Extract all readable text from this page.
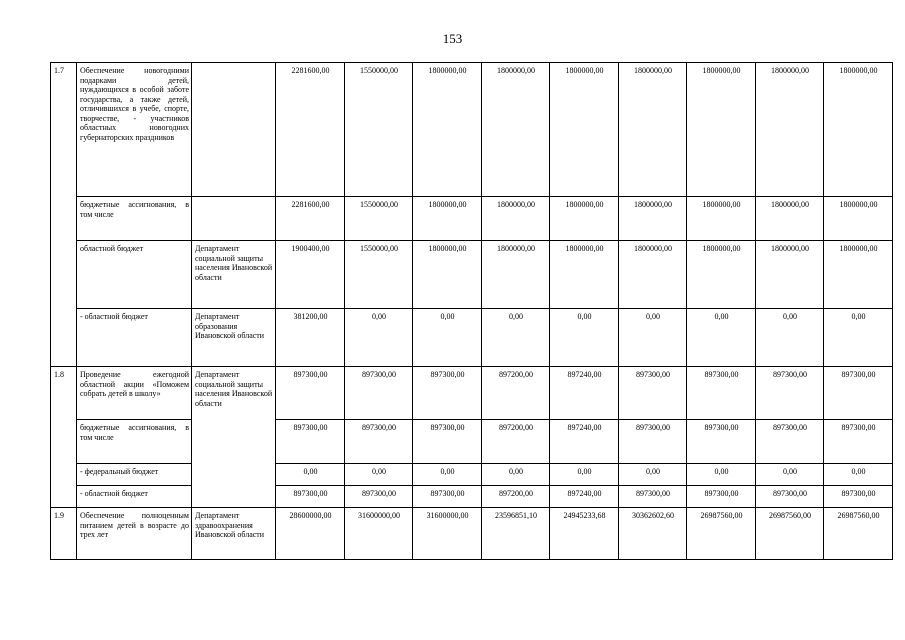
153
1.7	Обеспечение новогодними подарками детей, нуждающихся в особой заботе государства, а также детей, отличившихся в учебе, спорте, творчестве, - участников областных новогодних губернаторских праздников		2281600,00	1550000,00	1800000,00	1800000,00	1800000,00	1800000,00	1800000,00	1800000,00	1800000,00
	бюджетные ассигнования, в том числе		2281600,00	1550000,00	1800000,00	1800000,00	1800000,00	1800000,00	1800000,00	1800000,00	1800000,00
	областной бюджет	Департамент социальной защиты населения Ивановской области	1900400,00	1550000,00	1800000,00	1800000,00	1800000,00	1800000,00	1800000,00	1800000,00	1800000,00
	- областной бюджет	Департамент образования Ивановской области	381200,00	0,00	0,00	0,00	0,00	0,00	0,00	0,00	0,00
1.8	Проведение ежегодной областной акции «Поможем собрать детей в школу»	Департамент социальной защиты населения Ивановской области	897300,00	897300,00	897300,00	897200,00	897240,00	897300,00	897300,00	897300,00	897300,00
	бюджетные ассигнования, в том числе		897300,00	897300,00	897300,00	897200,00	897240,00	897300,00	897300,00	897300,00	897300,00
	- федеральный бюджет		0,00	0,00	0,00	0,00	0,00	0,00	0,00	0,00	0,00
	- областной бюджет		897300,00	897300,00	897300,00	897200,00	897240,00	897300,00	897300,00	897300,00	897300,00
1.9	Обеспечение полноценным питанием детей в возрасте до трех лет	Департамент здравоохранения Ивановской области	28600000,00	31600000,00	31600000,00	23596851,10	24945233,68	30362602,60	26987560,00	26987560,00	26987560,00
